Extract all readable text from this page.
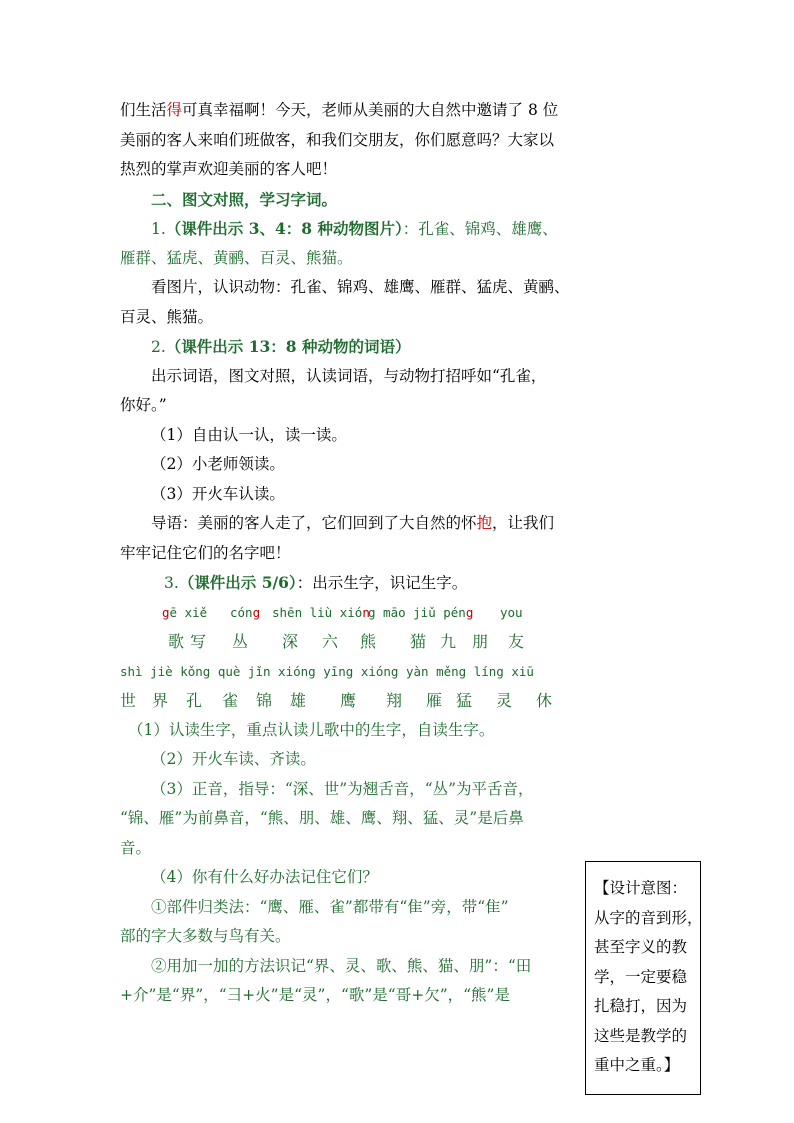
们生活得可真幸福啊！今天，老师从美丽的大自然中邀请了 8 位
美丽的客人来咱们班做客，和我们交朋友，你们愿意吗？大家以
热烈的掌声欢迎美丽的客人吧！
二、图文对照，学习字词。
1.（课件出示 3、4：8 种动物图片）：孔雀、锦鸡、雄鹰、
雁群、猛虎、黄鹂、百灵、熊猫。
看图片，认识动物：孔雀、锦鸡、雄鹰、雁群、猛虎、黄鹂、
百灵、熊猫。
2.（课件出示 13：8 种动物的词语）
出示词语，图文对照，认读词语，与动物打招呼如“孔雀，
你好。”
（1）自由认一认，读一读。
（2）小老师领读。
（3）开火车认读。
导语：美丽的客人走了，它们回到了大自然的怀抱，让我们
牢牢记住它们的名字吧！
3.（课件出示 5/6）：出示生字，识记生字。
gē xiě cóng shēn liù xión
g māo jiǔ péng you
歌 写 丛 深 六 熊 猫 九 朋 友
shì jiè kǒng què jǐn xióng yīng xióng yàn měng líng xiū
世 界 孔 雀 锦 雄 鹰 翔 雁 猛 灵 休
（1）认读生字，重点认读儿歌中的生字，自读生字。
（2）开火车读、齐读。
（3）正音，指导：“深、世”为翘舌音，“丛”为平舌音，
“锦、雁”为前鼻音，“熊、朋、雄、鹰、翔、猛、灵”是后鼻
音。
（4）你有什么好办法记住它们？
①部件归类法：“鹰、雁、雀”都带有“隹”旁，带“隹”
部的字大多数与鸟有关。
②用加一加的方法识记“界、灵、歌、熊、猫、朋”：“田
+介”是“界”，“彐+火”是“灵”，“歌”是“哥+欠”，“熊”是
【设计意图：
从字的音到形，
甚至字义的教
学，一定要稳
扎稳打，因为
这些是教学的
重中之重。】
